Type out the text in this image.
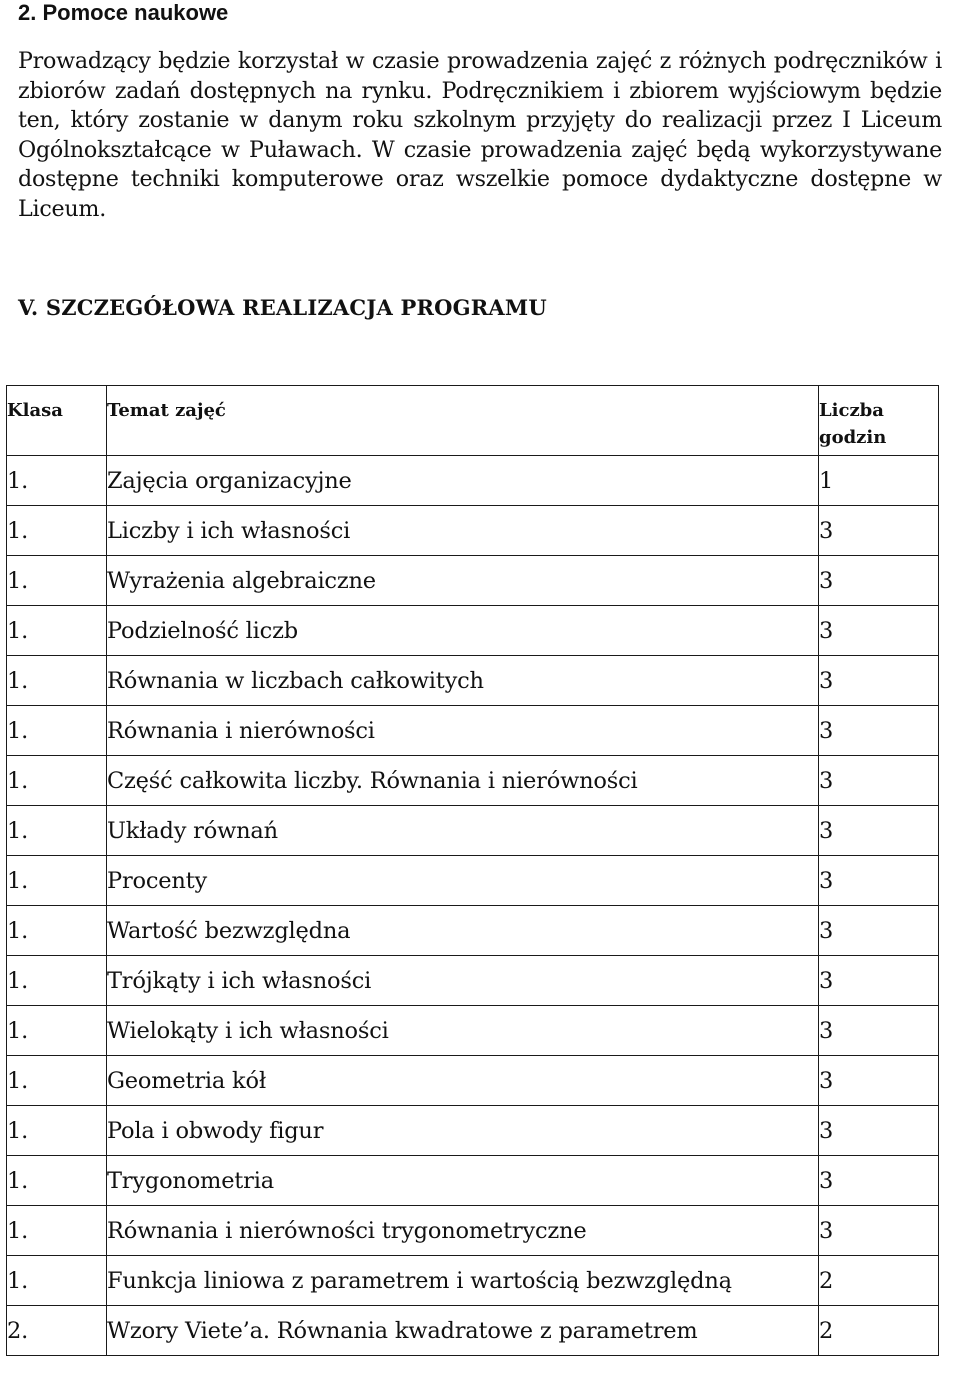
2. Pomoce naukowe

Prowadzący będzie korzystał w czasie prowadzenia zajęć z różnych podręczników i zbiorów zadań dostępnych na rynku. Podręcznikiem i zbiorem wyjściowym będzie ten, który zostanie w danym roku szkolnym przyjęty do realizacji przez I Liceum Ogólnokształcące w Puławach. W czasie prowadzenia zajęć będą wykorzystywane dostępne techniki komputerowe oraz wszelkie pomoce dydaktyczne dostępne w Liceum.

V. SZCZEGÓŁOWA REALIZACJA PROGRAMU
Klasa	Temat zajęć	Liczba
godzin
1.	Zajęcia organizacyjne	1
1.	Liczby i ich własności	3
1.	Wyrażenia algebraiczne	3
1.	Podzielność liczb	3
1.	Równania w liczbach całkowitych	3
1.	Równania i nierówności	3
1.	Część całkowita liczby. Równania i nierówności	3
1.	Układy równań	3
1.	Procenty	3
1.	Wartość bezwzględna	3
1.	Trójkąty i ich własności	3
1.	Wielokąty i ich własności	3
1.	Geometria kół	3
1.	Pola i obwody figur	3
1.	Trygonometria	3
1.	Równania i nierówności trygonometryczne	3
1.	Funkcja liniowa z parametrem i wartością bezwzględną	2
2.	Wzory Viete’a. Równania kwadratowe z parametrem	2
